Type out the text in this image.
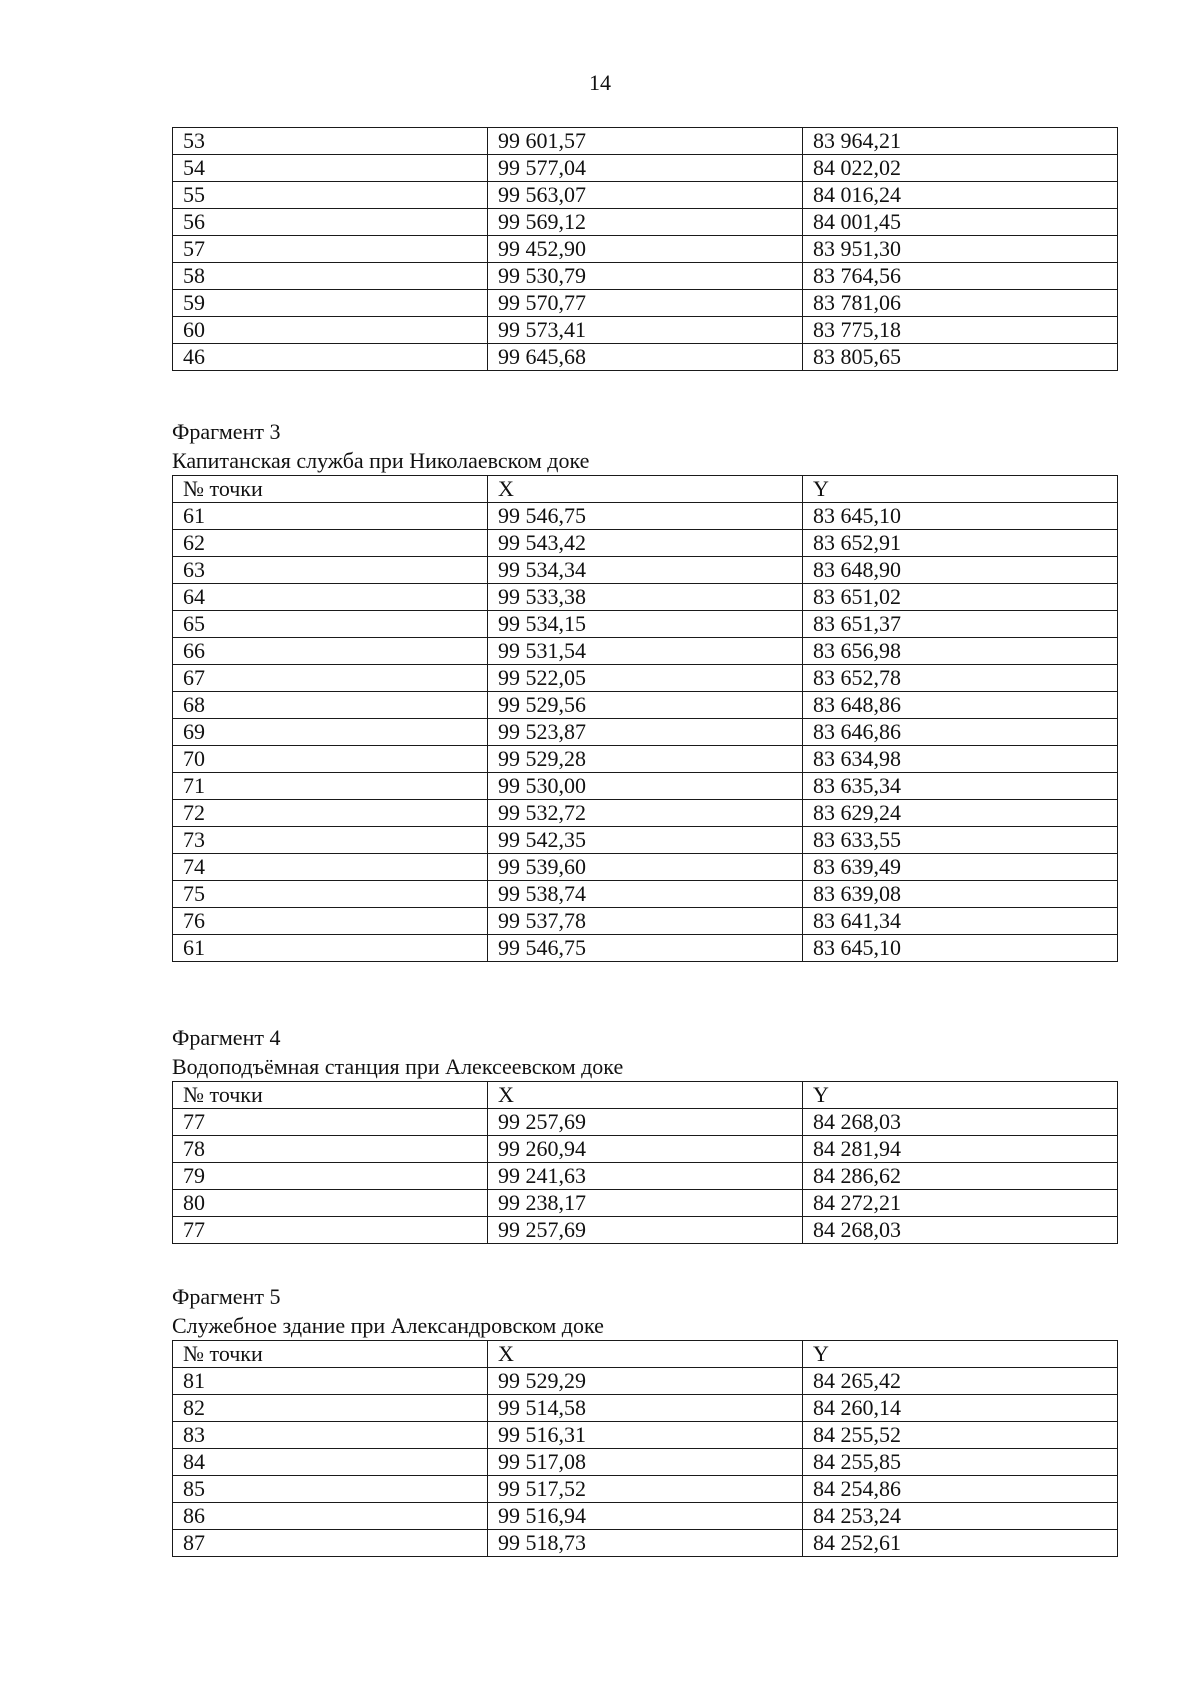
14
53	99 601,57	83 964,21
54	99 577,04	84 022,02
55	99 563,07	84 016,24
56	99 569,12	84 001,45
57	99 452,90	83 951,30
58	99 530,79	83 764,56
59	99 570,77	83 781,06
60	99 573,41	83 775,18
46	99 645,68	83 805,65
Фрагмент 3
Капитанская служба при Николаевском доке
№ точки	X	Y
61	99 546,75	83 645,10
62	99 543,42	83 652,91
63	99 534,34	83 648,90
64	99 533,38	83 651,02
65	99 534,15	83 651,37
66	99 531,54	83 656,98
67	99 522,05	83 652,78
68	99 529,56	83 648,86
69	99 523,87	83 646,86
70	99 529,28	83 634,98
71	99 530,00	83 635,34
72	99 532,72	83 629,24
73	99 542,35	83 633,55
74	99 539,60	83 639,49
75	99 538,74	83 639,08
76	99 537,78	83 641,34
61	99 546,75	83 645,10
Фрагмент 4
Водоподъёмная станция при Алексеевском доке
№ точки	X	Y
77	99 257,69	84 268,03
78	99 260,94	84 281,94
79	99 241,63	84 286,62
80	99 238,17	84 272,21
77	99 257,69	84 268,03
Фрагмент 5
Служебное здание при Александровском доке
№ точки	X	Y
81	99 529,29	84 265,42
82	99 514,58	84 260,14
83	99 516,31	84 255,52
84	99 517,08	84 255,85
85	99 517,52	84 254,86
86	99 516,94	84 253,24
87	99 518,73	84 252,61
